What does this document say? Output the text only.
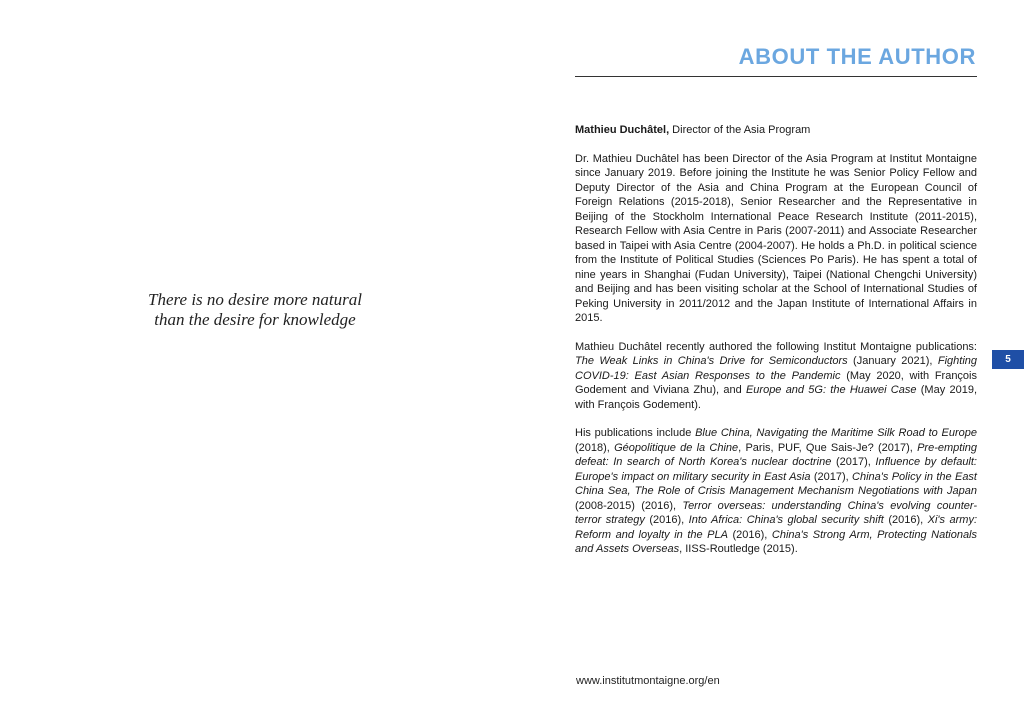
There is no desire more natural
than the desire for knowledge
ABOUT THE AUTHOR

Mathieu Duchâtel, Director of the Asia Program

Dr. Mathieu Duchâtel has been Director of the Asia Program at Institut Montaigne since January 2019. Before joining the Institute he was Senior Policy Fellow and Deputy Director of the Asia and China Program at the European Council of Foreign Relations (2015-2018), Senior Researcher and the Representative in Beijing of the Stockholm International Peace Research Institute (2011-2015), Research Fellow with Asia Centre in Paris (2007-2011) and Associate Researcher based in Taipei with Asia Centre (2004-2007). He holds a Ph.D. in political science from the Institute of Political Studies (Sciences Po Paris). He has spent a total of nine years in Shanghai (Fudan University), Taipei (National Chengchi University) and Beijing and has been visiting scholar at the School of International Studies of Peking University in 2011/2012 and the Japan Institute of International Affairs in 2015.

Mathieu Duchâtel recently authored the following Institut Montaigne publications: The Weak Links in China's Drive for Semiconductors (January 2021), Fighting COVID-19: East Asian Responses to the Pandemic (May 2020, with François Godement and Viviana Zhu), and Europe and 5G: the Huawei Case (May 2019, with François Godement).

His publications include Blue China, Navigating the Maritime Silk Road to Europe (2018), Géopolitique de la Chine, Paris, PUF, Que Sais-Je? (2017), Pre-empting defeat: In search of North Korea's nuclear doctrine (2017), Influence by default: Europe's impact on military security in East Asia (2017), China's Policy in the East China Sea, The Role of Crisis Management Mechanism Negotiations with Japan (2008-2015) (2016), Terror overseas: understanding China's evolving counter-terror strategy (2016), Into Africa: China's global security shift (2016), Xi's army: Reform and loyalty in the PLA (2016), China's Strong Arm, Protecting Nationals and Assets Overseas, IISS-Routledge (2015).

5
www.institutmontaigne.org/en
